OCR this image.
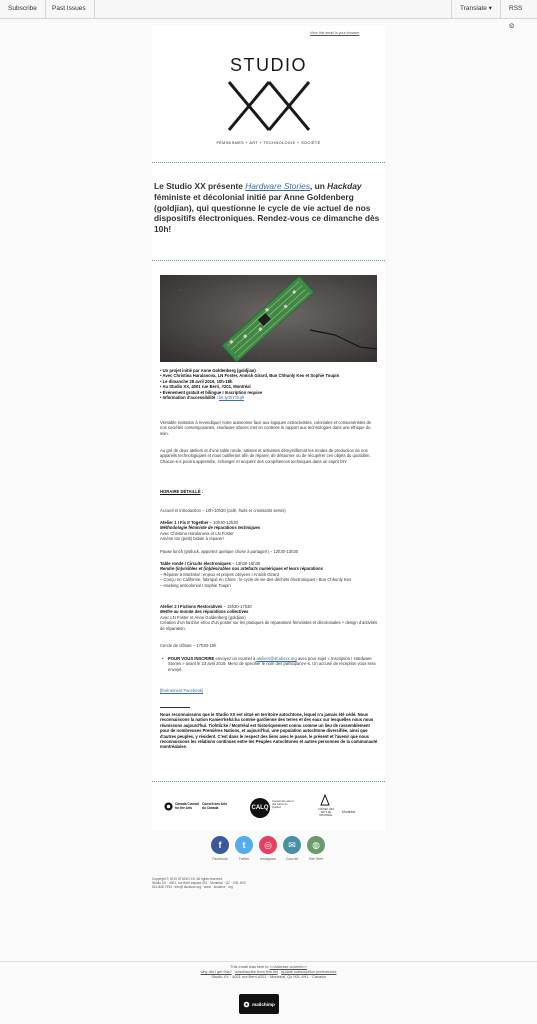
Subscribe	Past Issues	Translate ▾	RSS ⧀
View this email in your browser
STUDIO
FÉMINISMES + ART + TECHNOLOGIE + SOCIÉTÉ
Le Studio XX présente Hardware Stories, un Hackday féministe et décolonial initié par Anne Goldenberg (goldjian), qui questionne le cycle de vie actuel de nos dispositifs électroniques. Rendez-vous ce dimanche dès 10h!
• Un projet initié par Anne Goldenberg (goldjian)
• Avec Christina Haralanova, LN Foster, Annick Girard, Bun Chhunly Keo et Sophie Toupin
• Le dimanche 28 avril 2019, 10h-18h
• Au Studio XX, 4001 rue Berri, #201, Montréal
• Événement gratuit et bilingue I Inscription requise
• Information d'accessibilité : bit.ly/2IYOuj9
Véritable invitation à revendiquer notre autonomie face aux logiques extractivistes, coloniales et consuméristes de nos sociétés contemporaines, Hardware Stories met en contexte le rapport aux technologies dans une éthique du soin.
Au gré de deux ateliers et d'une table ronde, artistes et activistes démystifieront les modes de production de nos appareils technologiques et nous outilleront afin de réparer, de détourner ou de récupérer ces objets du quotidien. Chacun-e-s pourra apprendre, échanger et acquérir des compétences techniques dans un esprit DIY.
HORAIRE DÉTAILLÉ :
Accueil et introduction – 10h-10h30 (café, fruits et croissants servis)
Atelier 1 I Fix It Together – 10h30-12h30
Méthodologie féministe de réparations techniques
Avec Christina Haralanova et LN Foster
Amène ton (petit) bidule à réparer!
Pause lunch (potluck, apportez quelque chose à partager!) – 12h30-13h30
Table ronde I Circuits électroniques – 13h30-15h30
Rendre (in)visibles et (in)désirables nos artefacts numériques et leurs réparations
– Réparer à Montréal : enjeux et projets citoyens I Annick Girard
– Conçu en Californie, fabriqué en Chine : le cycle de vie des déchets électroniques I Bun Chhunly Keo
– Hacking anticolonial I Sophie Toupin
Atelier 2 I Fictions Restoratives – 15h30-17h30
Mettre au monde des réparations collectives
Avec LN Foster et Anne Goldenberg (goldjian)
Création d'un fanzine et/ou d'un poster sur les pratiques de réparations féministes et décoloniales + design d'activités de réparation.
Cercle de clôture – 17h30-18h
• POUR VOUS INSCRIRE envoyez un courriel à ateliers@studioxx.org avec pour sujet « Inscription I Hardware Stories » avant le 23 avril 2019. Merci de spécifier le nom des participant-e-s. Un accusé de réception vous sera envoyé.
[Événement Facebook]
Nous reconnaissons que le Studio XX est situé en territoire autochtone, lequel n'a jamais été cédé. Nous reconnaissons la nation Kanien'kehá:ka comme gardienne des terres et des eaux sur lesquelles nous nous réunissons aujourd'hui. Tiohtià:ke / Montréal est historiquement connu comme un lieu de rassemblement pour de nombreuses Premières Nations, et aujourd'hui, une population autochtone diversifiée, ainsi que d'autres peuples, y résident. C'est dans le respect des liens avec le passé, le présent et l'avenir que nous reconnaissons les relations continues entre les Peuples Autochtones et autres personnes de la communauté montréalaise.
Canada Council for the Arts
Conseil des Arts du Canada	CALQ
Conseil des arts et des lettres du Québec
CONSEIL DES ARTS DE MONTRÉAL
Montréal
f
Facebook
t
Twitter
◎
Instagram
✉
Courriel
◍
Site Web
Copyright © 2019 STUDIO XX, All rights reserved.
Studio XX · 4001, rue Berri espace 201 · Montréal · QC · H2L 4H2
514-845-7934 · info@ studioxx.org · www · studioxx · org
This email was sent to <<Adresse courriel>>
why did I get this? unsubscribe from this list update subscription preferences
Studio XX · 4001 rue Berri #201 · Montréal, Qc H2L 4H1 · Canada
mailchimp
